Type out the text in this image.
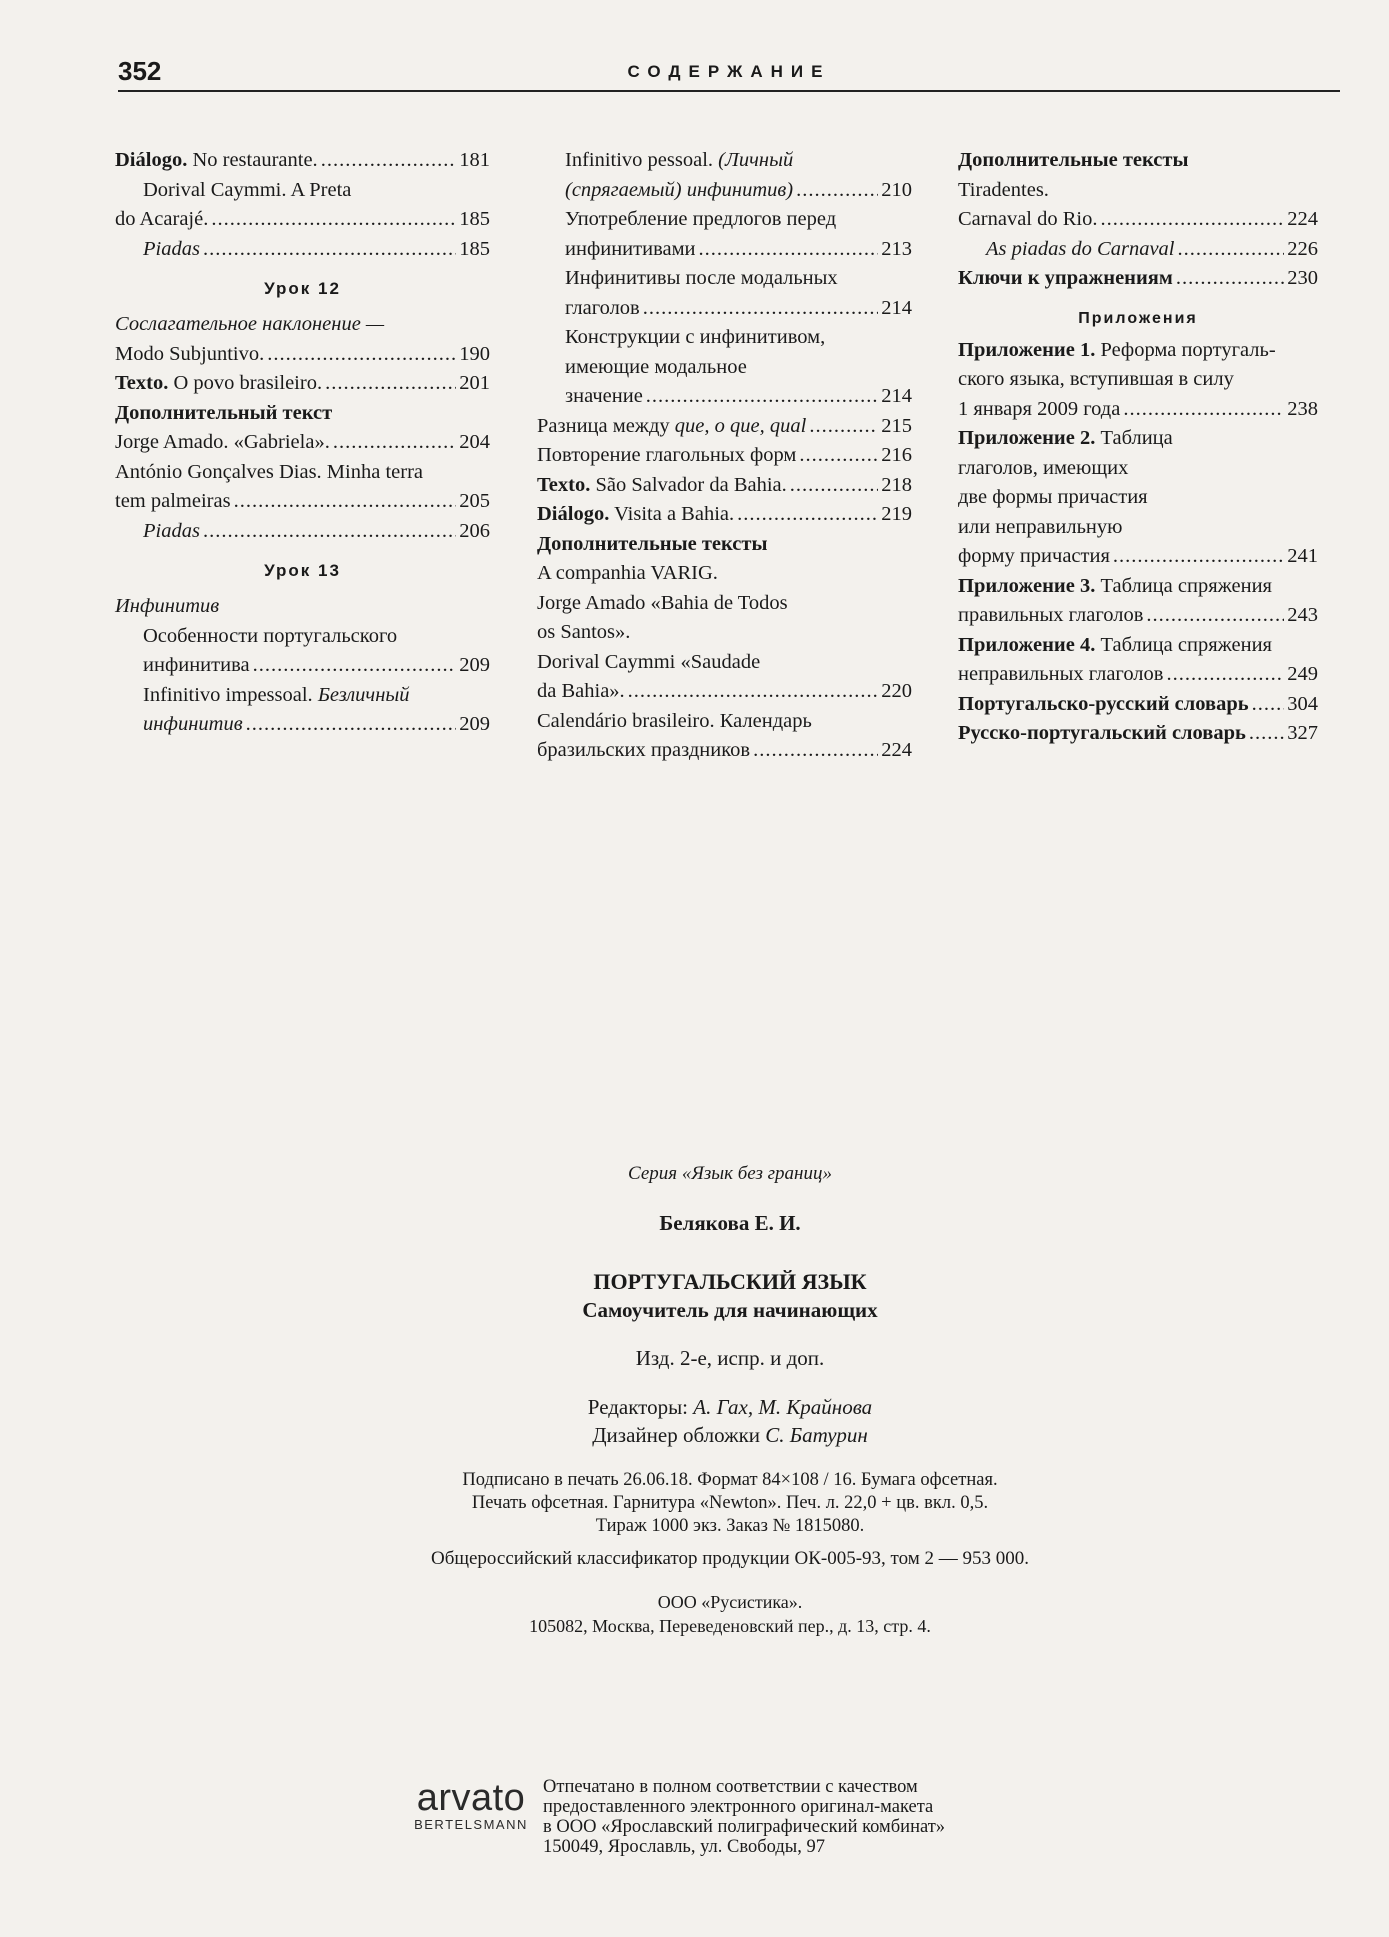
352	СОДЕРЖАНИЕ
Diálogo. No restaurante. .....	181
Dorival Caymmi. A Preta
do Acarajé. .....	185
Piadas .....	185
Урок 12
Сослагательное наклонение —
Modo Subjuntivo. .....	190
Texto. O povo brasileiro. .....	201
Дополнительный текст
Jorge Amado. «Gabriela». .....	204
António Gonçalves Dias. Minha terra
tem palmeiras .....	205
Piadas .....	206
Урок 13
Инфинитив
Особенности португальского
инфинитива .....	209
Infinitivo impessoal. Безличный
инфинитив .....	209
Infinitivo pessoal. (Личный
(спрягаемый) инфинитив) .....	210
Употребление предлогов перед
инфинитивами .....	213
Инфинитивы после модальных
глаголов .....	214
Конструкции с инфинитивом,
имеющие модальное
значение .....	214
Разница между que, o que, qual .....	215
Повторение глагольных форм .....	216
Texto. São Salvador da Bahia. .....	218
Diálogo. Visita a Bahia. .....	219
Дополнительные тексты
A companhia VARIG.
Jorge Amado «Bahia de Todos
os Santos».
Dorival Caymmi «Saudade
da Bahia». .....	220
Calendário brasileiro. Календарь
бразильских праздников .....	224
Дополнительные тексты
Tiradentes.
Carnaval do Rio. .....	224
As piadas do Carnaval .....	226
Ключи к упражнениям .....	230
Приложения
Приложение 1. Реформа португаль-
ского языка, вступившая в силу
1 января 2009 года .....	238
Приложение 2. Таблица
глаголов, имеющих
две формы причастия
или неправильную
форму причастия .....	241
Приложение 3. Таблица спряжения
правильных глаголов .....	243
Приложение 4. Таблица спряжения
неправильных глаголов .....	249
Португальско-русский словарь ..... 304
Русско-португальский словарь ..... 327
Серия «Язык без границ»
Белякова Е. И.
ПОРТУГАЛЬСКИЙ ЯЗЫК
Самоучитель для начинающих
Изд. 2-е, испр. и доп.
Редакторы: А. Гах, М. Крайнова
Дизайнер обложки С. Батурин
Подписано в печать 26.06.18. Формат 84×108 / 16. Бумага офсетная.
Печать офсетная. Гарнитура «Newton». Печ. л. 22,0 + цв. вкл. 0,5.
Тираж 1000 экз. Заказ № 1815080.
Общероссийский классификатор продукции ОК-005-93, том 2 — 953 000.
ООО «Русистика».
105082, Москва, Переведеновский пер., д. 13, стр. 4.
arvato
BERTELSMANN
Отпечатано в полном соответствии с качеством
предоставленного электронного оригинал-макета
в ООО «Ярославский полиграфический комбинат»
150049, Ярославль, ул. Свободы, 97
